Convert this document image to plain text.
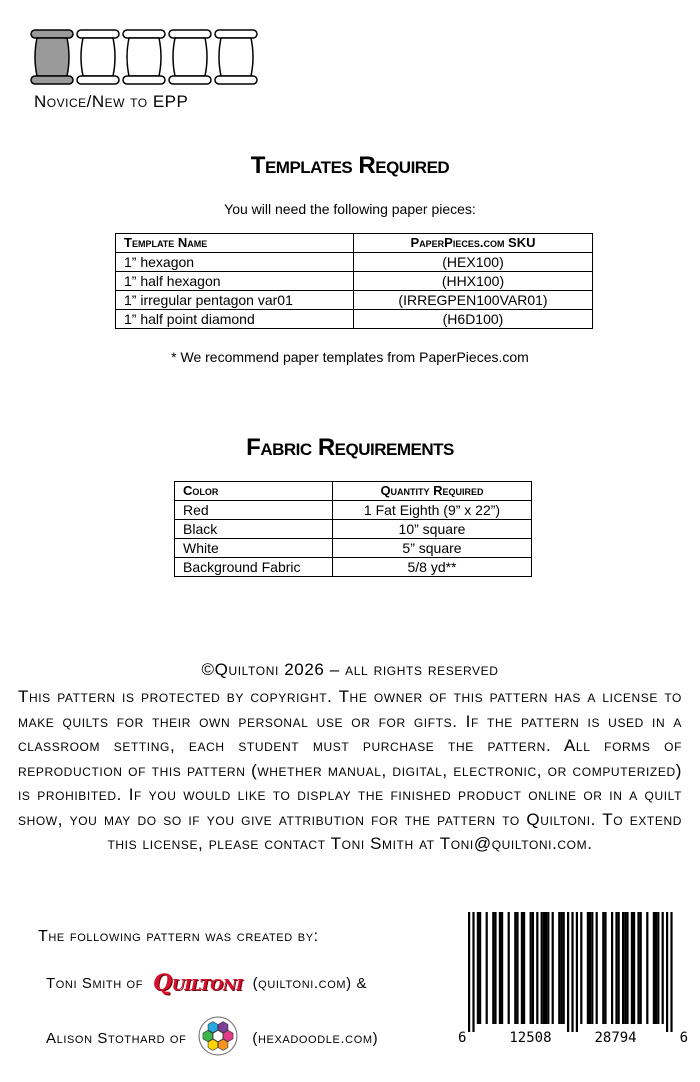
Novice/New to EPP
Templates Required
You will need the following paper pieces:
Template Name	PaperPieces.com SKU
1” hexagon	(HEX100)
1” half hexagon	(HHX100)
1” irregular pentagon var01	(IRREGPEN100VAR01)
1” half point diamond	(H6D100)
* We recommend paper templates from PaperPieces.com
Fabric Requirements
Color	Quantity Required
Red	1 Fat Eighth (9” x 22”)
Black	10” square
White	5” square
Background Fabric	5/8 yd**
©Quiltoni 2026 – all rights reserved
This pattern is protected by copyright. The owner of this pattern has a license to make quilts for their own personal use or for gifts. If the pattern is used in a classroom setting, each student must purchase the pattern. All forms of reproduction of this pattern (whether manual, digital, electronic, or computerized) is prohibited. If you would like to display the finished product online or in a quilt show, you may do so if you give attribution for the pattern to Quiltoni. To extend this license, please contact Toni Smith at Toni@quiltoni.com.
The following pattern was created by:
Toni Smith of Quiltoni (quiltoni.com) &
Alison Stothard of	(hexadoodle.com)	6	12508	28794	6
